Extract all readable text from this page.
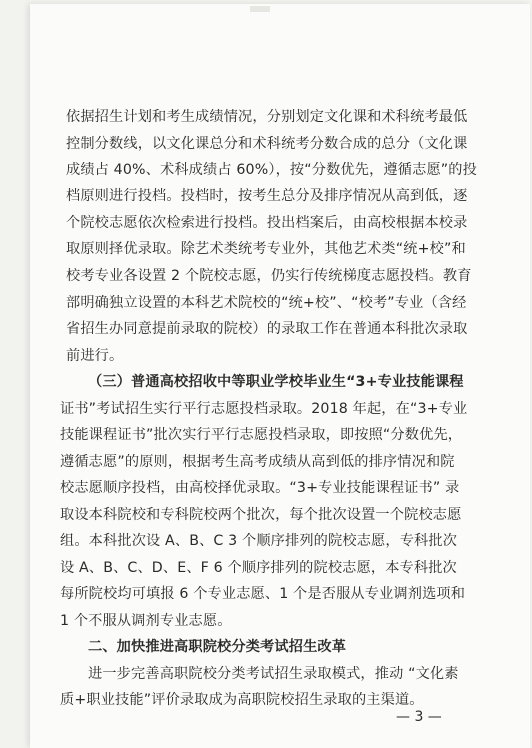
依据招生计划和考生成绩情况，分别划定文化课和术科统考最低
控制分数线，以文化课总分和术科统考分数合成的总分（文化课
成绩占 40%、术科成绩占 60%），按“分数优先，遵循志愿”的投
档原则进行投档。投档时，按考生总分及排序情况从高到低，逐
个院校志愿依次检索进行投档。投出档案后，由高校根据本校录
取原则择优录取。除艺术类统考专业外，其他艺术类“统+校”和
校考专业各设置 2 个院校志愿，仍实行传统梯度志愿投档。教育
部明确独立设置的本科艺术院校的“统+校”、“校考”专业（含经
省招生办同意提前录取的院校）的录取工作在普通本科批次录取
前进行。
（三）普通高校招收中等职业学校毕业生“3+专业技能课程
证书”考试招生实行平行志愿投档录取。2018 年起，在“3+专业
技能课程证书”批次实行平行志愿投档录取，即按照“分数优先，
遵循志愿”的原则，根据考生高考成绩从高到低的排序情况和院
校志愿顺序投档，由高校择优录取。“3+专业技能课程证书” 录
取设本科院校和专科院校两个批次，每个批次设置一个院校志愿
组。本科批次设 A、B、C 3 个顺序排列的院校志愿，专科批次
设 A、B、C、D、E、F 6 个顺序排列的院校志愿，本专科批次
每所院校均可填报 6 个专业志愿、1 个是否服从专业调剂选项和
1 个不服从调剂专业志愿。
二、加快推进高职院校分类考试招生改革
进一步完善高职院校分类考试招生录取模式，推动 “文化素
质+职业技能”评价录取成为高职院校招生录取的主渠道。
— 3 —
